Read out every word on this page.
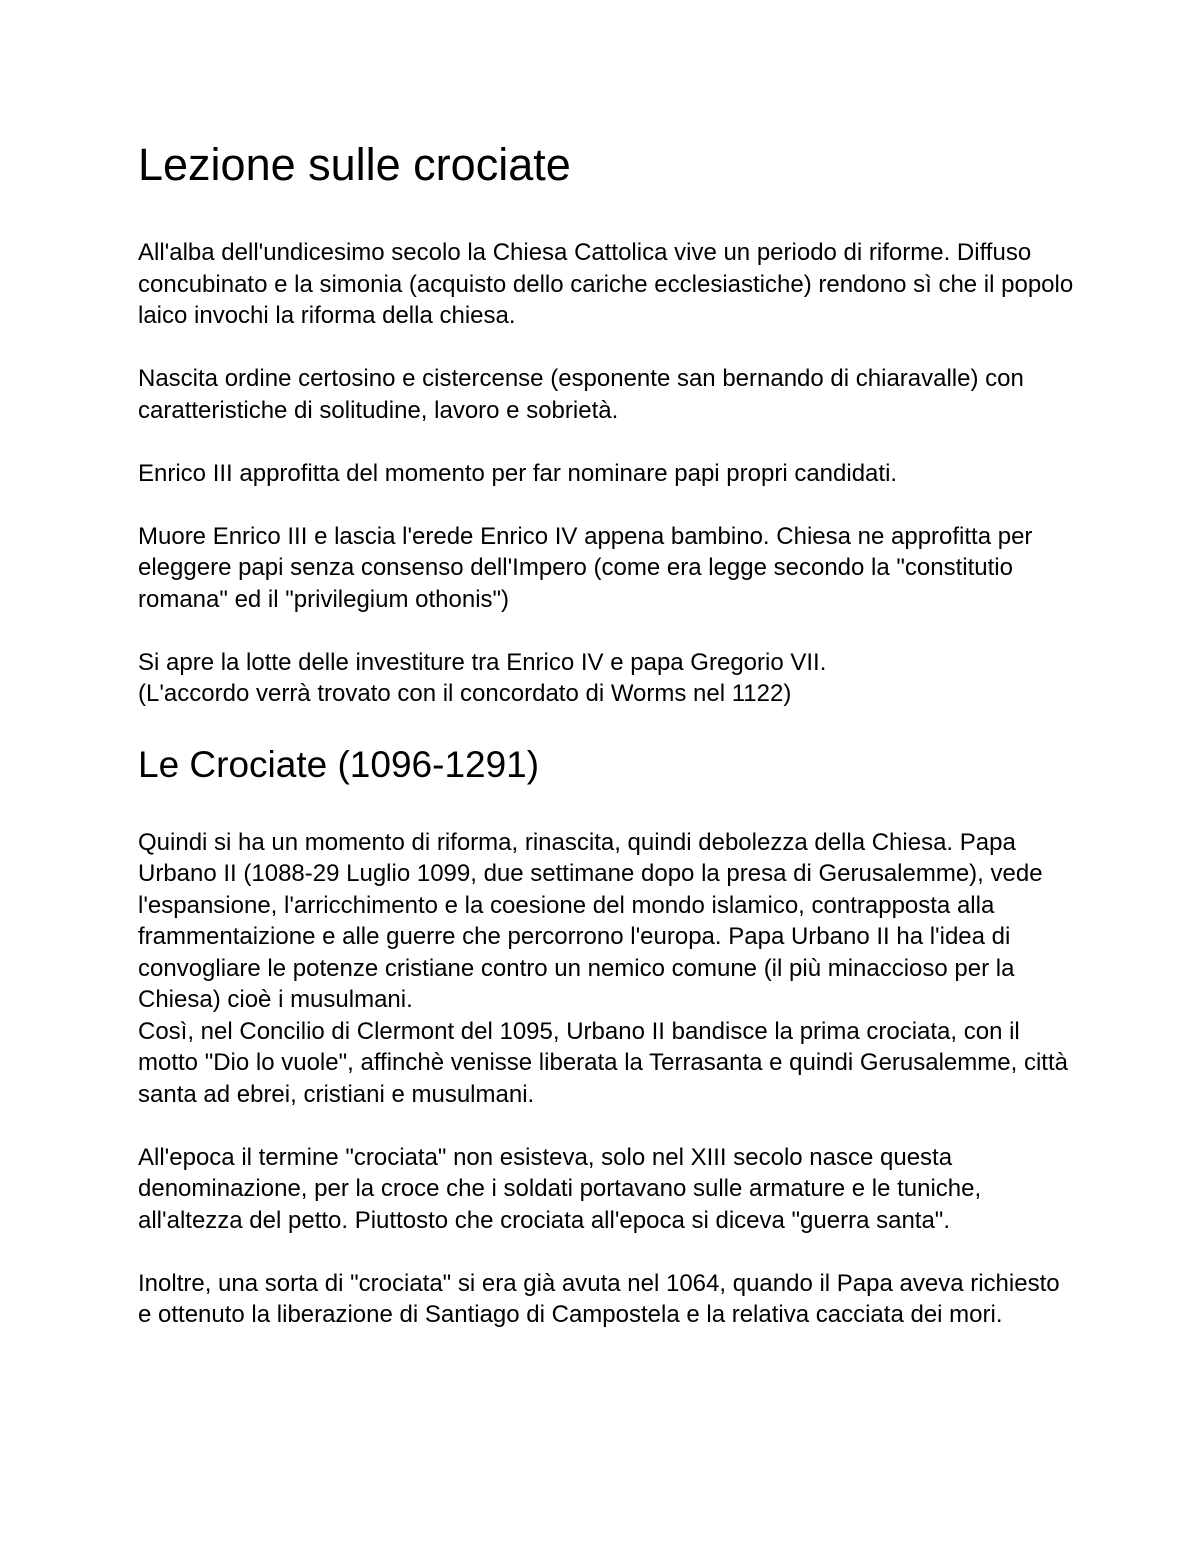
Lezione sulle crociate

All'alba dell'undicesimo secolo la Chiesa Cattolica vive un periodo di riforme. Diffuso concubinato e la simonia (acquisto dello cariche ecclesiastiche) rendono sì che il popolo laico invochi la riforma della chiesa.

Nascita ordine certosino e cistercense (esponente san bernando di chiaravalle) con caratteristiche di solitudine, lavoro e sobrietà.

Enrico III approfitta del momento per far nominare papi propri candidati.

Muore Enrico III e lascia l'erede Enrico IV appena bambino. Chiesa ne approfitta per eleggere papi senza consenso dell'Impero (come era legge secondo la "constitutio romana" ed il "privilegium othonis")

Si apre la lotte delle investiture tra Enrico IV e papa Gregorio VII.

(L'accordo verrà trovato con il concordato di Worms nel 1122)

Le Crociate (1096-1291)

Quindi si ha un momento di riforma, rinascita, quindi debolezza della Chiesa. Papa Urbano II (1088-29 Luglio 1099, due settimane dopo la presa di Gerusalemme), vede l'espansione, l'arricchimento e la coesione del mondo islamico, contrapposta alla frammentaizione e alle guerre che percorrono l'europa. Papa Urbano II ha l'idea di convogliare le potenze cristiane contro un nemico comune (il più minaccioso per la Chiesa) cioè i musulmani.

Così, nel Concilio di Clermont del 1095, Urbano II bandisce la prima crociata, con il motto "Dio lo vuole", affinchè venisse liberata la Terrasanta e quindi Gerusalemme, città santa ad ebrei, cristiani e musulmani.

All'epoca il termine "crociata" non esisteva, solo nel XIII secolo nasce questa denominazione, per la croce che i soldati portavano sulle armature e le tuniche, all'altezza del petto. Piuttosto che crociata all'epoca si diceva "guerra santa".

Inoltre, una sorta di "crociata" si era già avuta nel 1064, quando il Papa aveva richiesto e ottenuto la liberazione di Santiago di Campostela e la relativa cacciata dei mori.
